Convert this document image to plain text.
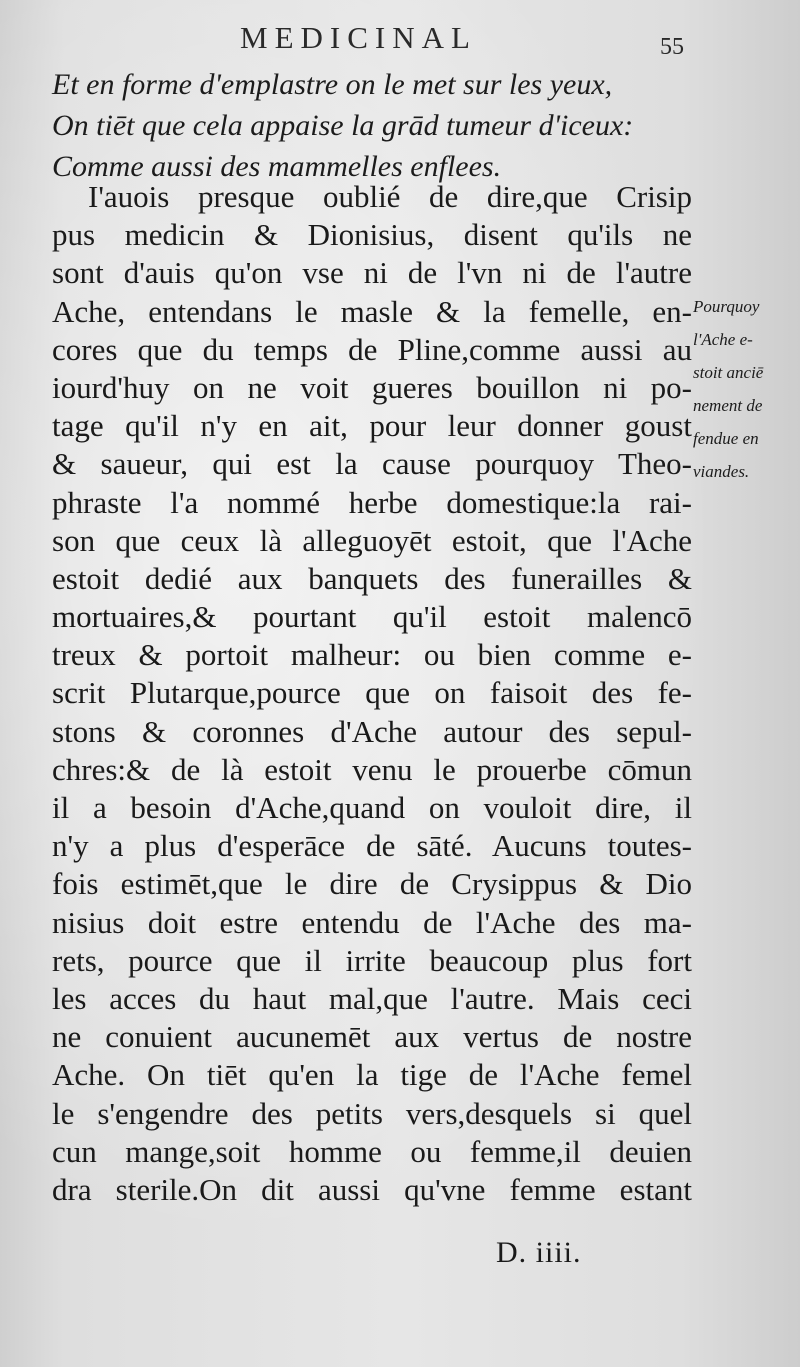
MEDICINAL	55
Et en forme d'emplastre on le met sur les yeux,
On tiēt que cela appaise la grād tumeur d'iceux:
Comme aussi des mammelles enflees.
I'auois presque oublié de dire,que Crisip
pus medicin & Dionisius, disent qu'ils ne
sont d'auis qu'on vse ni de l'vn ni de l'autre
Ache, entendans le masle & la femelle, en-
cores que du temps de Pline,comme aussi au
iourd'huy on ne voit gueres bouillon ni po-
tage qu'il n'y en ait, pour leur donner goust
& saueur, qui est la cause pourquoy Theo-
phraste l'a nommé herbe domestique:la rai-
son que ceux là alleguoyēt estoit, que l'Ache
estoit dedié aux banquets des funerailles &
mortuaires,& pourtant qu'il estoit malencō
treux & portoit malheur: ou bien comme e-
scrit Plutarque,pource que on faisoit des fe-
stons & coronnes d'Ache autour des sepul-
chres:& de là estoit venu le prouerbe cōmun
il a besoin d'Ache,quand on vouloit dire, il
n'y a plus d'esperāce de sāté. Aucuns toutes-
fois estimēt,que le dire de Crysippus & Dio
nisius doit estre entendu de l'Ache des ma-
rets, pource que il irrite beaucoup plus fort
les acces du haut mal,que l'autre. Mais ceci
ne conuient aucunemēt aux vertus de nostre
Ache. On tiēt qu'en la tige de l'Ache femel
le s'engendre des petits vers,desquels si quel
cun mange,soit homme ou femme,il deuien
dra sterile.On dit aussi qu'vne femme estant
Pourquoy
l'Ache e-
stoit anciē
nement de
fendue en
viandes.
D. iiii.
